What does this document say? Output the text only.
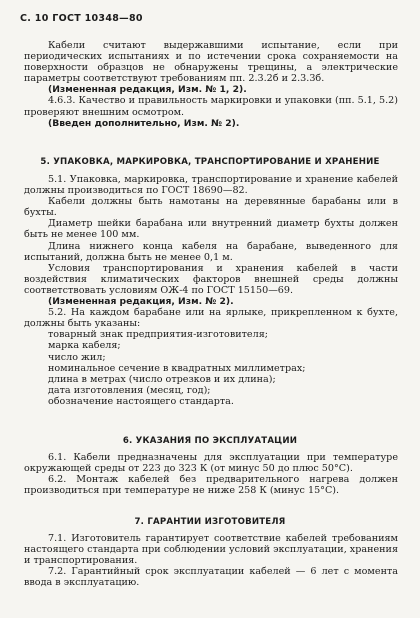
С. 10 ГОСТ 10348—80

Кабели считают выдержавшими испытание, если при периодических испытаниях и по истечении срока сохраняемости на поверхности образцов не обнаружены трещины, а электрические параметры соответствуют требованиям пп. 2.3.2б и 2.3.3б.

(Измененная редакция, Изм. № 1, 2).

4.6.3. Качество и правильность маркировки и упаковки (пп. 5.1, 5.2) проверяют внешним осмотром.

(Введен дополнительно, Изм. № 2).

5. УПАКОВКА, МАРКИРОВКА, ТРАНСПОРТИРОВАНИЕ И ХРАНЕНИЕ

5.1. Упаковка, маркировка, транспортирование и хранение кабелей должны производиться по ГОСТ 18690—82.

Кабели должны быть намотаны на деревянные барабаны или в бухты.

Диаметр шейки барабана или внутренний диаметр бухты должен быть не менее 100 мм.

Длина нижнего конца кабеля на барабане, выведенного для испытаний, должна быть не менее 0,1 м.

Условия транспортирования и хранения кабелей в части воздействия климатических факторов внешней среды должны соответствовать условиям ОЖ-4 по ГОСТ 15150—69.

(Измененная редакция, Изм. № 2).

5.2. На каждом барабане или на ярлыке, прикрепленном к бухте, должны быть указаны:

товарный знак предприятия-изготовителя;

марка кабеля;

число жил;

номинальное сечение в квадратных миллиметрах;

длина в метрах (число отрезков и их длина);

дата изготовления (месяц, год);

обозначение настоящего стандарта.

6. УКАЗАНИЯ ПО ЭКСПЛУАТАЦИИ

6.1. Кабели предназначены для эксплуатации при температуре окружающей среды от 223 до 323 К (от минус 50 до плюс 50°С).

6.2. Монтаж кабелей без предварительного нагрева должен производиться при температуре не ниже 258 К (минус 15°С).

7. ГАРАНТИИ ИЗГОТОВИТЕЛЯ

7.1. Изготовитель гарантирует соответствие кабелей требованиям настоящего стандарта при соблюдении условий эксплуатации, хранения и транспортирования.

7.2. Гарантийный срок эксплуатации кабелей — 6 лет с момента ввода в эксплуатацию.
